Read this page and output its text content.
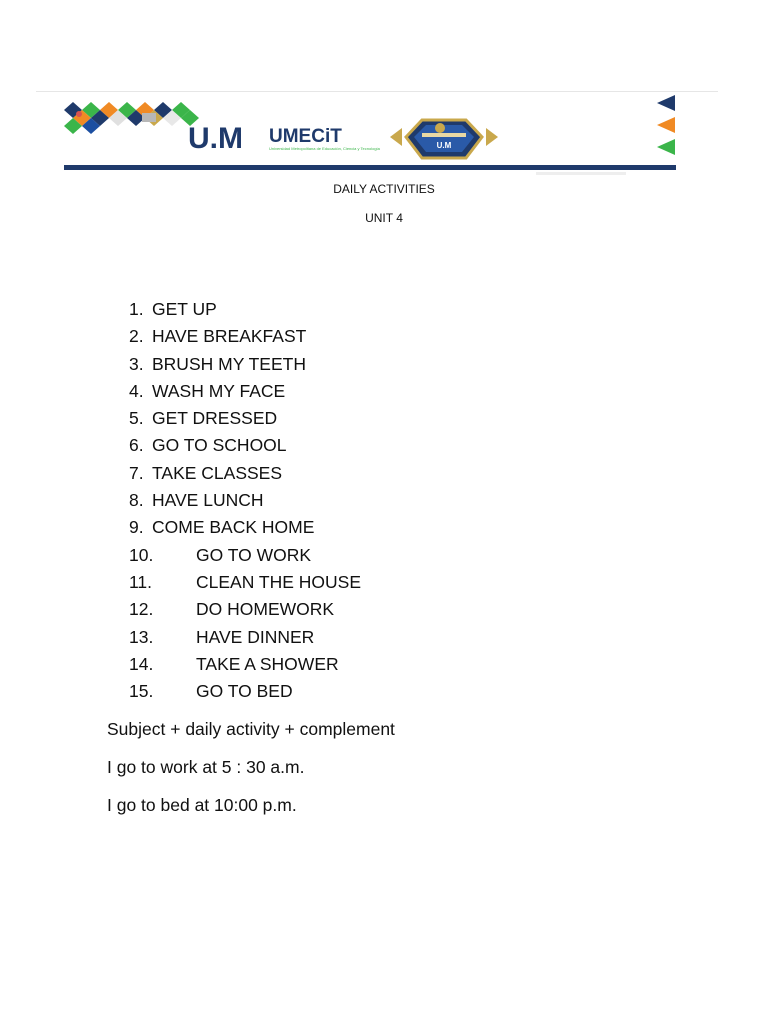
U.M UMECiT
Universidad Metropolitana de Educación, Ciencia y Tecnología	U.M
DAILY ACTIVITIES
UNIT 4
1. GET UP
2. HAVE BREAKFAST
3. BRUSH MY TEETH
4. WASH MY FACE
5. GET DRESSED
6. GO TO SCHOOL
7. TAKE CLASSES
8. HAVE LUNCH
9. COME BACK HOME
10. GO TO WORK
11.	CLEAN THE HOUSE
12. DO HOMEWORK
13. HAVE DINNER
14. TAKE A SHOWER
15. GO TO BED

Subject + daily activity + complement

I go to work at 5 : 30 a.m.

I go to bed at 10:00 p.m.
